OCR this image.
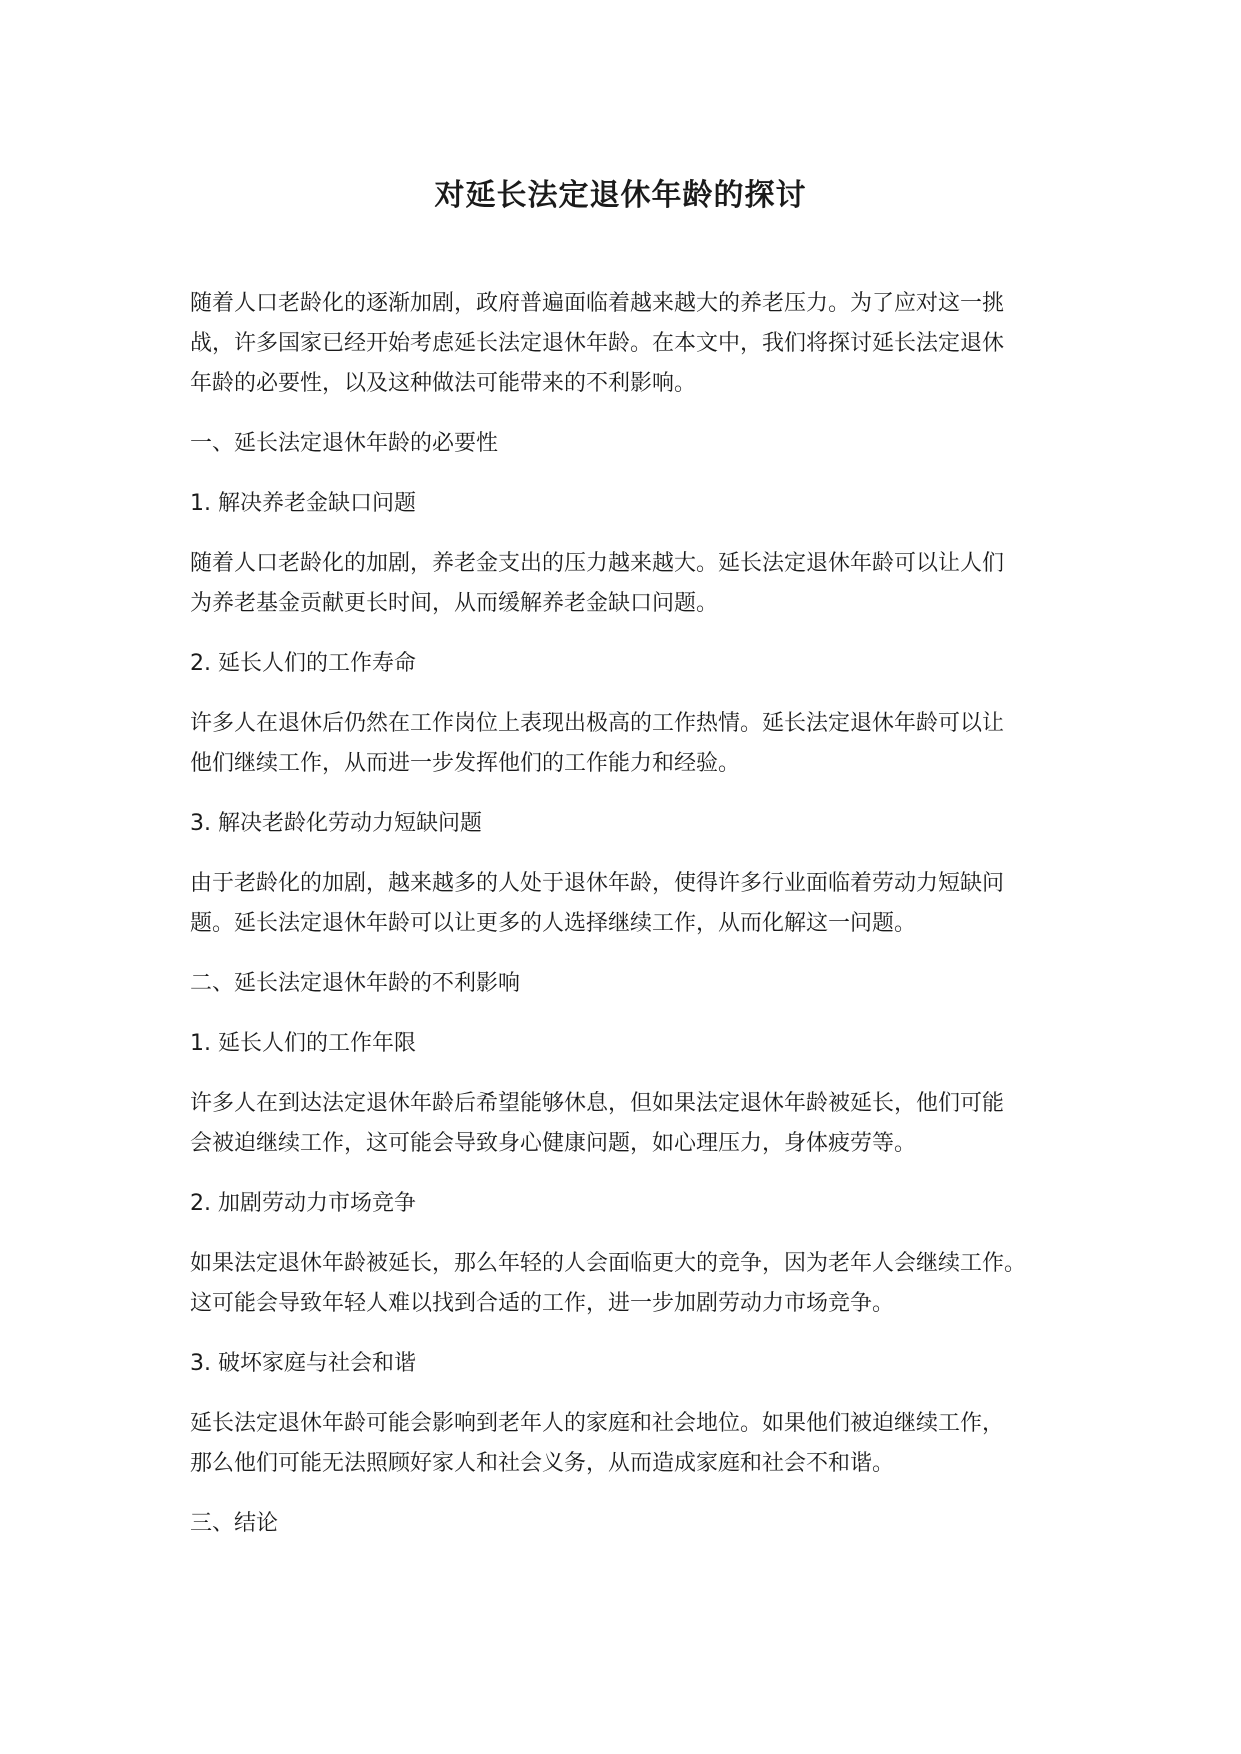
对延长法定退休年龄的探讨

随着人口老龄化的逐渐加剧，政府普遍面临着越来越大的养老压力。为了应对这一挑
战，许多国家已经开始考虑延长法定退休年龄。在本文中，我们将探讨延长法定退休
年龄的必要性，以及这种做法可能带来的不利影响。

一、延长法定退休年龄的必要性

1. 解决养老金缺口问题

随着人口老龄化的加剧，养老金支出的压力越来越大。延长法定退休年龄可以让人们
为养老基金贡献更长时间，从而缓解养老金缺口问题。

2. 延长人们的工作寿命

许多人在退休后仍然在工作岗位上表现出极高的工作热情。延长法定退休年龄可以让
他们继续工作，从而进一步发挥他们的工作能力和经验。

3. 解决老龄化劳动力短缺问题

由于老龄化的加剧，越来越多的人处于退休年龄，使得许多行业面临着劳动力短缺问
题。延长法定退休年龄可以让更多的人选择继续工作，从而化解这一问题。

二、延长法定退休年龄的不利影响

1. 延长人们的工作年限

许多人在到达法定退休年龄后希望能够休息，但如果法定退休年龄被延长，他们可能
会被迫继续工作，这可能会导致身心健康问题，如心理压力，身体疲劳等。

2. 加剧劳动力市场竞争

如果法定退休年龄被延长，那么年轻的人会面临更大的竞争，因为老年人会继续工作。
这可能会导致年轻人难以找到合适的工作，进一步加剧劳动力市场竞争。

3. 破坏家庭与社会和谐

延长法定退休年龄可能会影响到老年人的家庭和社会地位。如果他们被迫继续工作，
那么他们可能无法照顾好家人和社会义务，从而造成家庭和社会不和谐。

三、结论
